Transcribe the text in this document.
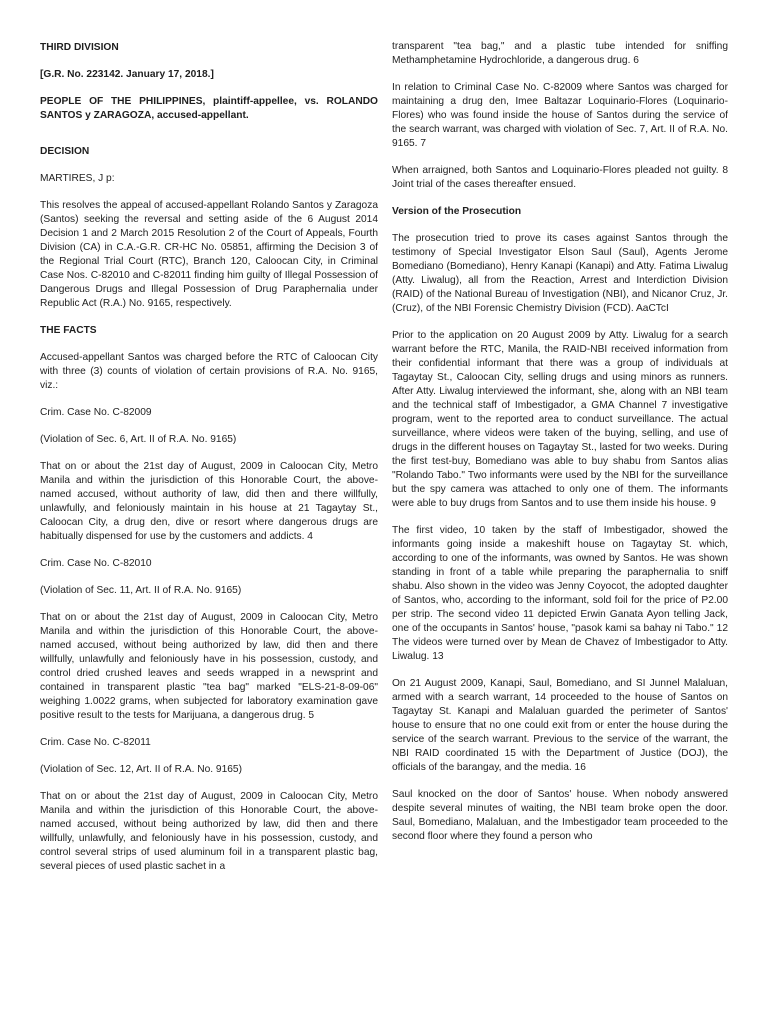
THIRD DIVISION

[G.R. No. 223142. January 17, 2018.]

PEOPLE OF THE PHILIPPINES, plaintiff-appellee, vs. ROLANDO SANTOS y ZARAGOZA, accused-appellant.

DECISION

MARTIRES, J p:

This resolves the appeal of accused-appellant Rolando Santos y Zaragoza (Santos) seeking the reversal and setting aside of the 6 August 2014 Decision 1 and 2 March 2015 Resolution 2 of the Court of Appeals, Fourth Division (CA) in C.A.-G.R. CR-HC No. 05851, affirming the Decision 3 of the Regional Trial Court (RTC), Branch 120, Caloocan City, in Criminal Case Nos. C-82010 and C-82011 finding him guilty of Illegal Possession of Dangerous Drugs and Illegal Possession of Drug Paraphernalia under Republic Act (R.A.) No. 9165, respectively.

THE FACTS

Accused-appellant Santos was charged before the RTC of Caloocan City with three (3) counts of violation of certain provisions of R.A. No. 9165, viz.:

Crim. Case No. C-82009

(Violation of Sec. 6, Art. II of R.A. No. 9165)

That on or about the 21st day of August, 2009 in Caloocan City, Metro Manila and within the jurisdiction of this Honorable Court, the above-named accused, without authority of law, did then and there willfully, unlawfully, and feloniously maintain in his house at 21 Tagaytay St., Caloocan City, a drug den, dive or resort where dangerous drugs are habitually dispensed for use by the customers and addicts. 4

Crim. Case No. C-82010

(Violation of Sec. 11, Art. II of R.A. No. 9165)

That on or about the 21st day of August, 2009 in Caloocan City, Metro Manila and within the jurisdiction of this Honorable Court, the above-named accused, without being authorized by law, did then and there willfully, unlawfully and feloniously have in his possession, custody, and control dried crushed leaves and seeds wrapped in a newsprint and contained in transparent plastic "tea bag" marked "ELS-21-8-09-06" weighing 1.0022 grams, when subjected for laboratory examination gave positive result to the tests for Marijuana, a dangerous drug. 5

Crim. Case No. C-82011

(Violation of Sec. 12, Art. II of R.A. No. 9165)

That on or about the 21st day of August, 2009 in Caloocan City, Metro Manila and within the jurisdiction of this Honorable Court, the above-named accused, without being authorized by law, did then and there willfully, unlawfully, and feloniously have in his possession, custody, and control several strips of used aluminum foil in a transparent plastic bag, several pieces of used plastic sachet in a

transparent "tea bag," and a plastic tube intended for sniffing Methamphetamine Hydrochloride, a dangerous drug. 6

In relation to Criminal Case No. C-82009 where Santos was charged for maintaining a drug den, Imee Baltazar Loquinario-Flores (Loquinario-Flores) who was found inside the house of Santos during the service of the search warrant, was charged with violation of Sec. 7, Art. II of R.A. No. 9165. 7

When arraigned, both Santos and Loquinario-Flores pleaded not guilty. 8 Joint trial of the cases thereafter ensued.

Version of the Prosecution

The prosecution tried to prove its cases against Santos through the testimony of Special Investigator Elson Saul (Saul), Agents Jerome Bomediano (Bomediano), Henry Kanapi (Kanapi) and Atty. Fatima Liwalug (Atty. Liwalug), all from the Reaction, Arrest and Interdiction Division (RAID) of the National Bureau of Investigation (NBI), and Nicanor Cruz, Jr. (Cruz), of the NBI Forensic Chemistry Division (FCD). AaCTcI

Prior to the application on 20 August 2009 by Atty. Liwalug for a search warrant before the RTC, Manila, the RAID-NBI received information from their confidential informant that there was a group of individuals at Tagaytay St., Caloocan City, selling drugs and using minors as runners. After Atty. Liwalug interviewed the informant, she, along with an NBI team and the technical staff of Imbestigador, a GMA Channel 7 investigative program, went to the reported area to conduct surveillance. The actual surveillance, where videos were taken of the buying, selling, and use of drugs in the different houses on Tagaytay St., lasted for two weeks. During the first test-buy, Bomediano was able to buy shabu from Santos alias "Rolando Tabo." Two informants were used by the NBI for the surveillance but the spy camera was attached to only one of them. The informants were able to buy drugs from Santos and to use them inside his house. 9

The first video, 10 taken by the staff of Imbestigador, showed the informants going inside a makeshift house on Tagaytay St. which, according to one of the informants, was owned by Santos. He was shown standing in front of a table while preparing the paraphernalia to sniff shabu. Also shown in the video was Jenny Coyocot, the adopted daughter of Santos, who, according to the informant, sold foil for the price of P2.00 per strip. The second video 11 depicted Erwin Ganata Ayon telling Jack, one of the occupants in Santos' house, "pasok kami sa bahay ni Tabo." 12 The videos were turned over by Mean de Chavez of Imbestigador to Atty. Liwalug. 13

On 21 August 2009, Kanapi, Saul, Bomediano, and SI Junnel Malaluan, armed with a search warrant, 14 proceeded to the house of Santos on Tagaytay St. Kanapi and Malaluan guarded the perimeter of Santos' house to ensure that no one could exit from or enter the house during the service of the search warrant. Previous to the service of the warrant, the NBI RAID coordinated 15 with the Department of Justice (DOJ), the officials of the barangay, and the media. 16

Saul knocked on the door of Santos' house. When nobody answered despite several minutes of waiting, the NBI team broke open the door. Saul, Bomediano, Malaluan, and the Imbestigador team proceeded to the second floor where they found a person who
